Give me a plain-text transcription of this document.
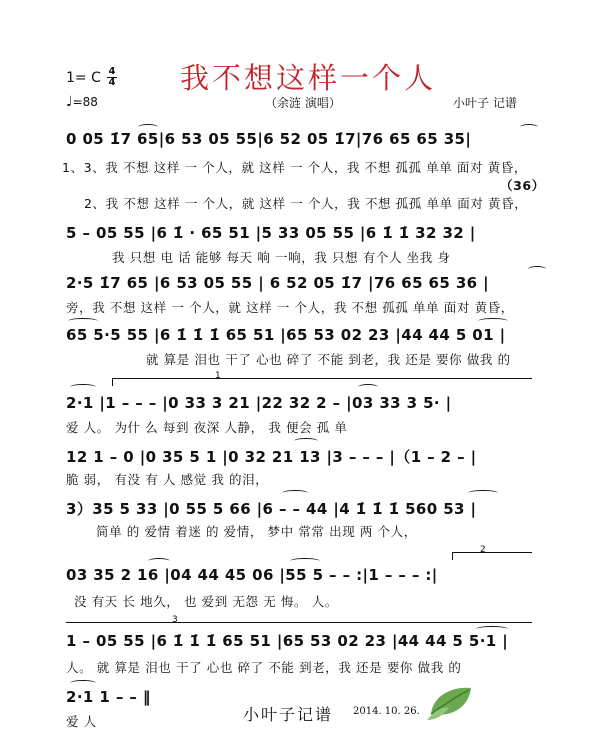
1= C 4
4 我不想这样一个人
♩=88	（余涟 演唱）	小叶子 记谱
0 05 1̇7 65|6 53 05 55|6 52 05 1̇7|76 65 65 35|
1、3、我 不想 这样 一 个人，就 这样 一 个人，我 不想 孤孤 单单 面对 黄昏，
（36）
2、我 不想 这样 一 个人，就 这样 一 个人，我 不想 孤孤 单单 面对 黄昏，
5 – 05 55 |6 1̇ · 65 51 |5 33 05 55 |6 1̇ 1̇ 32 32 |
我 只想 电 话 能够 每天 响 一响，我 只想 有个人 坐我 身
2·5 1̇7 65 |6 53 05 55 | 6 52 05 1̇7 |76 65 65 36 |
旁，我 不想 这样 一 个人，就 这样 一 个人，我 不想 孤孤 单单 面对 黄昏，
65 5·5 55 |6 1̇ 1̇ 1̇ 65 51 |65 53 02 23 |44 44 5 01 |
就 算是 泪也 干了 心也 碎了 不能 到老，我 还是 要你 做我 的
1
2·1 |1 – – – |0 33 3 21 |22 32 2 – |03 33 3 5· |
爱 人。 为什 么 每到 夜深 人静， 我 便会 孤 单
12 1 – 0 |0 35 5 1 |0 32 21 13 |3 – – – |（1 – 2 – |
脆 弱， 有没 有 人 感觉 我 的泪，
3）35 5 33 |0 55 5 66 |6 – – 44 |4 1̇ 1̇ 1̇ 560 53 |
简单 的 爱情 着迷 的 爱情， 梦中 常常 出现 两 个人，
2
03 35 2 16 |04 44 45 06 |55 5 – – :|1 – – – :|
没 有天 长 地久， 也 爱到 无怨 无 悔。 人。
3
1 – 05 55 |6 1̇ 1̇ 1̇ 65 51 |65 53 02 23 |44 44 5 5·1 |
人。 就 算是 泪也 干了 心也 碎了 不能 到老，我 还是 要你 做我 的
2·1 1 – – ‖
爱 人	小叶子记谱 2014. 10. 26.
